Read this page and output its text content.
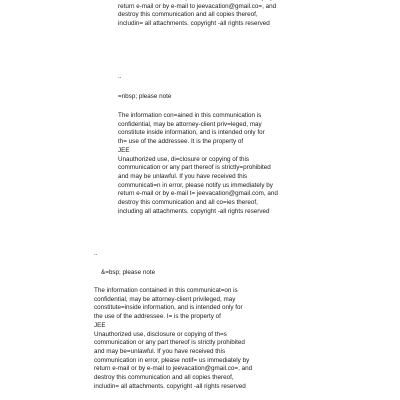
return e-mail or by e-mail to jeevacation@gmail.co=, and
destroy this communication and all copies thereof,
includin= all attachments. copyright -all rights reserved
..
=nbsp; please note
The information con=ained in this communication is
confidential, may be attorney-client priv=leged, may
constitute inside information, and is intended only for
th= use of the addressee. It is the property of
JEE
Unauthorized use, di=closure or copying of this
communication or any part thereof is strictly=prohibited
and may be unlawful. If you have received this
communicati=n in error, please notify us immediately by
return e-mail or by e-mail t= jeevacation@gmail.com, and
destroy this communication and all co=ies thereof,
including all attachments. copyright -all rights reserved
..
&=bsp; please note
The information contained in this communicat=on is
confidential, may be attorney-client privileged, may
constitute=inside information, and is intended only for
the use of the addressee. I= is the property of
JEE
Unauthorized use, disclosure or copying of th=s
communication or any part thereof is strictly prohibited
and may be=unlawful. If you have received this
communication in error, please notif= us immediately by
return e-mail or by e-mail to jeevacation@gmail.co=, and
destroy this communication and all copies thereof,
includin= all attachments. copyright -all rights reserved
